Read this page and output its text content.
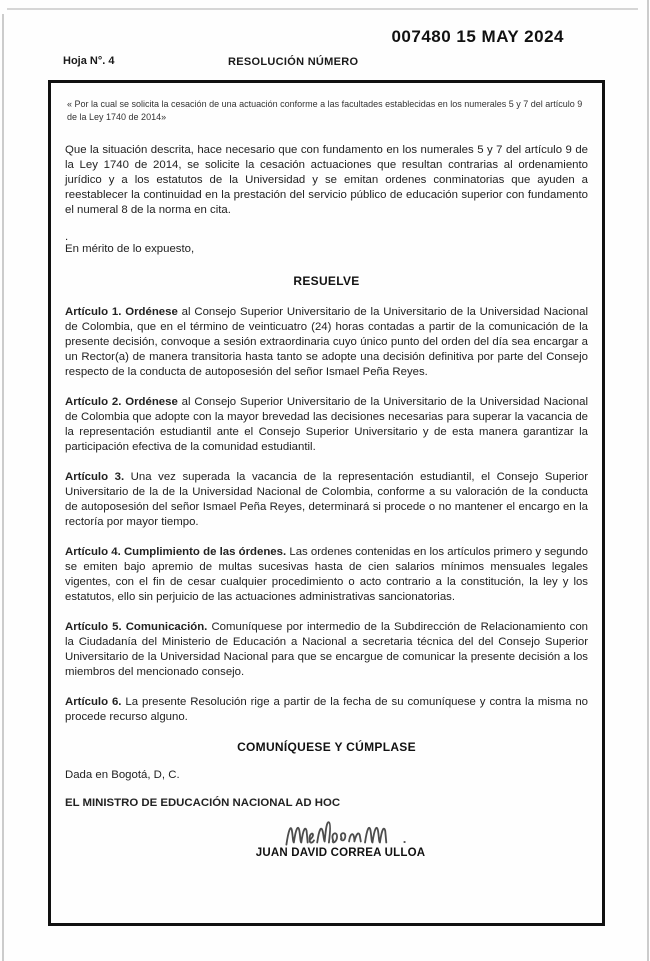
007480 15 MAY 2024
Hoja N°. 4	RESOLUCIÓN NÚMERO

« Por la cual se solicita la cesación de una actuación conforme a las facultades establecidas en los numerales 5 y 7 del artículo 9 de la Ley 1740 de 2014»

Que la situación descrita, hace necesario que con fundamento en los numerales 5 y 7 del artículo 9 de la Ley 1740 de 2014, se solicite la cesación actuaciones que resultan contrarias al ordenamiento jurídico y a los estatutos de la Universidad y se emitan ordenes conminatorias que ayuden a reestablecer la continuidad en la prestación del servicio público de educación superior con fundamento el numeral 8 de la norma en cita.

.

En mérito de lo expuesto,

RESUELVE

Artículo 1. Ordénese al Consejo Superior Universitario de la Universitario de la Universidad Nacional de Colombia, que en el término de veinticuatro (24) horas contadas a partir de la comunicación de la presente decisión, convoque a sesión extraordinaria cuyo único punto del orden del día sea encargar a un Rector(a) de manera transitoria hasta tanto se adopte una decisión definitiva por parte del Consejo respecto de la conducta de autoposesión del señor Ismael Peña Reyes.

Artículo 2. Ordénese al Consejo Superior Universitario de la Universitario de la Universidad Nacional de Colombia que adopte con la mayor brevedad las decisiones necesarias para superar la vacancia de la representación estudiantil ante el Consejo Superior Universitario y de esta manera garantizar la participación efectiva de la comunidad estudiantil.

Artículo 3. Una vez superada la vacancia de la representación estudiantil, el Consejo Superior Universitario de la de la Universidad Nacional de Colombia, conforme a su valoración de la conducta de autoposesión del señor Ismael Peña Reyes, determinará si procede o no mantener el encargo en la rectoría por mayor tiempo.

Artículo 4. Cumplimiento de las órdenes. Las ordenes contenidas en los artículos primero y segundo se emiten bajo apremio de multas sucesivas hasta de cien salarios mínimos mensuales legales vigentes, con el fin de cesar cualquier procedimiento o acto contrario a la constitución, la ley y los estatutos, ello sin perjuicio de las actuaciones administrativas sancionatorias.

Artículo 5. Comunicación. Comuníquese por intermedio de la Subdirección de Relacionamiento con la Ciudadanía del Ministerio de Educación a Nacional a secretaria técnica del del Consejo Superior Universitario de la Universidad Nacional para que se encargue de comunicar la presente decisión a los miembros del mencionado consejo.

Artículo 6. La presente Resolución rige a partir de la fecha de su comuníquese y contra la misma no procede recurso alguno.

COMUNÍQUESE Y CÚMPLASE

Dada en Bogotá, D, C.

EL MINISTRO DE EDUCACIÓN NACIONAL AD HOC

.
JUAN DAVID CORREA ULLOA
